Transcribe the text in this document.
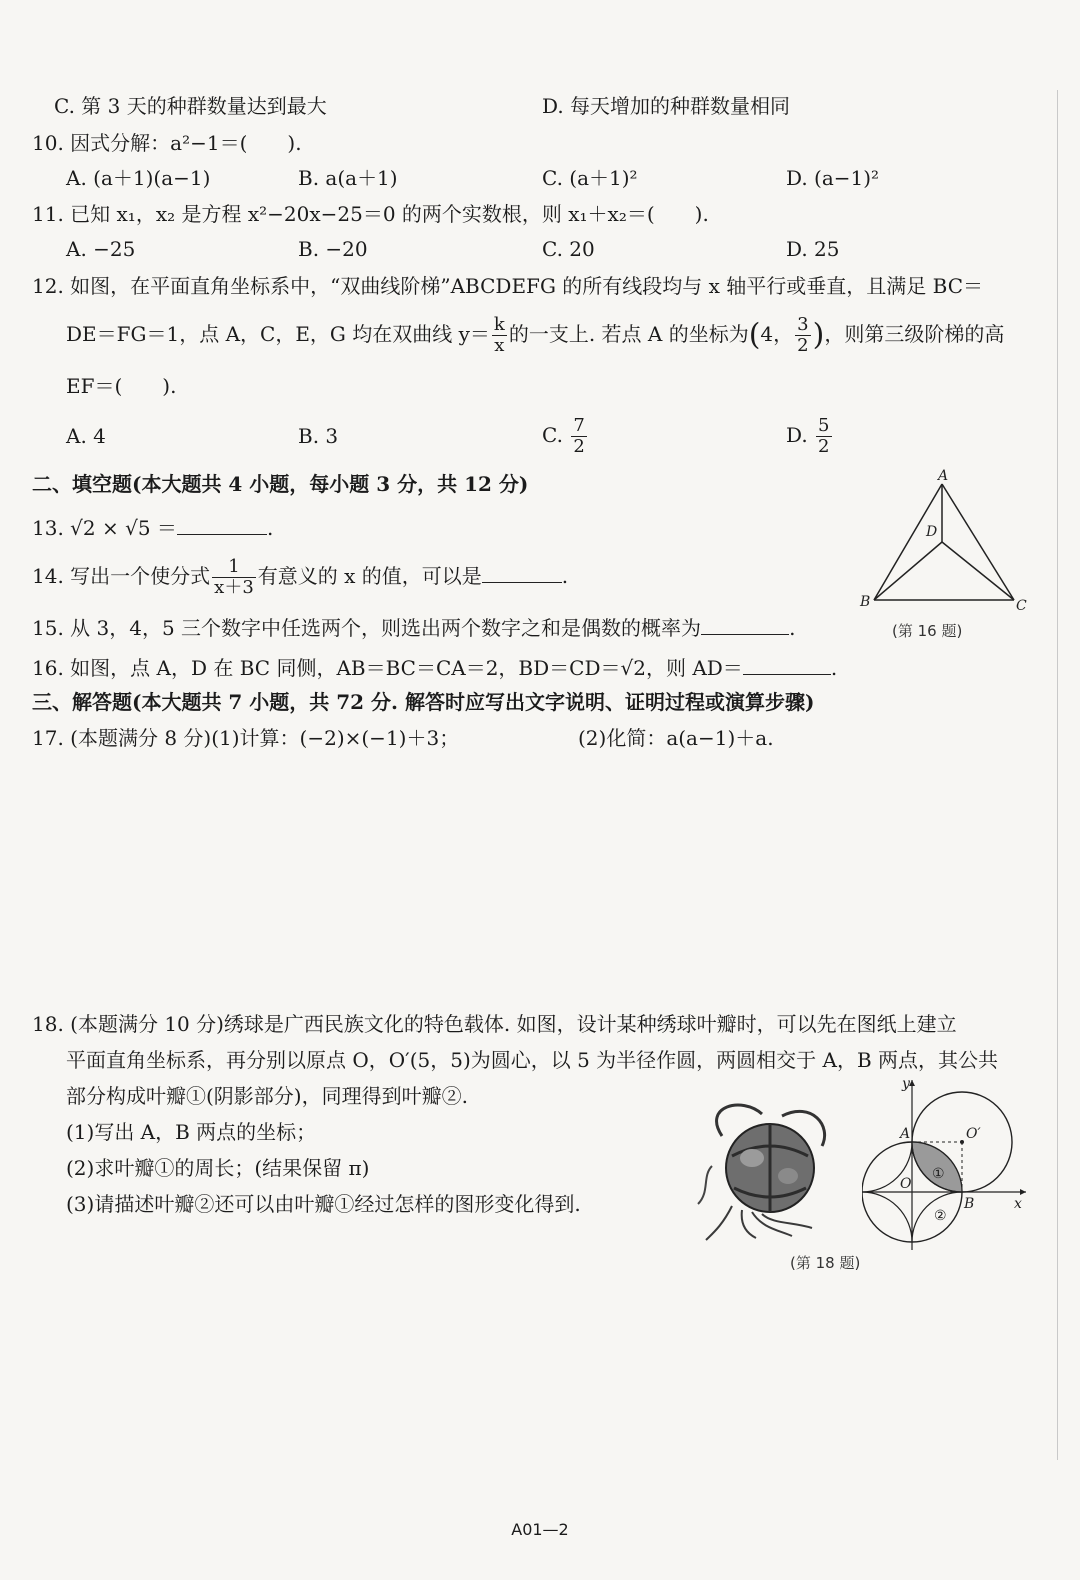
C. 第 3 天的种群数量达到最大	D. 每天增加的种群数量相同
10. 因式分解：a²−1＝(　　).
A. (a＋1)(a−1)	B. a(a＋1)	C. (a＋1)²	D. (a−1)²
11. 已知 x₁，x₂ 是方程 x²−20x−25＝0 的两个实数根，则 x₁＋x₂＝(　　).
A. −25	B. −20	C. 20	D. 25
12. 如图，在平面直角坐标系中，“双曲线阶梯”ABCDEFG 的所有线段均与 x 轴平行或垂直，且满足 BC＝
DE＝FG＝1，点 A，C，E，G 均在双曲线 $y= \frac{k}{x}$ 的一支上. 若点 A 的坐标为(4， $\frac{3}{2}$ )，则第三级阶梯的高
EF＝(　　).
A. 4	B. 3	C. $\frac{7}{2}$	D. $\frac{5}{2}$
二、填空题(本大题共 4 小题，每小题 3 分，共 12 分)
13. √2 × √5 ＝	.
14. 写出一个使分式 $\frac{1}{x+3}$ 有意义的 x 的值，可以是	.
15. 从 3，4，5 三个数字中任选两个，则选出两个数字之和是偶数的概率为	.
16. 如图，点 A，D 在 BC 同侧，AB＝BC＝CA＝2，BD＝CD＝√2，则 AD＝	.
A
D
B	C
(第 16 题)
三、解答题(本大题共 7 小题，共 72 分. 解答时应写出文字说明、证明过程或演算步骤)
17. (本题满分 8 分)(1)计算：(−2)×(−1)＋3；	(2)化简：a(a−1)＋a.
18. (本题满分 10 分)绣球是广西民族文化的特色载体. 如图，设计某种绣球叶瓣时，可以先在图纸上建立
平面直角坐标系，再分别以原点 O，O′(5，5)为圆心，以 5 为半径作圆，两圆相交于 A，B 两点，其公共
部分构成叶瓣①(阴影部分)，同理得到叶瓣②.
(1)写出 A，B 两点的坐标；
(2)求叶瓣①的周长；(结果保留 π)
(3)请描述叶瓣②还可以由叶瓣①经过怎样的图形变化得到.
y
A	O′
①
O
B	x
②
(第 18 题)
A01—2
